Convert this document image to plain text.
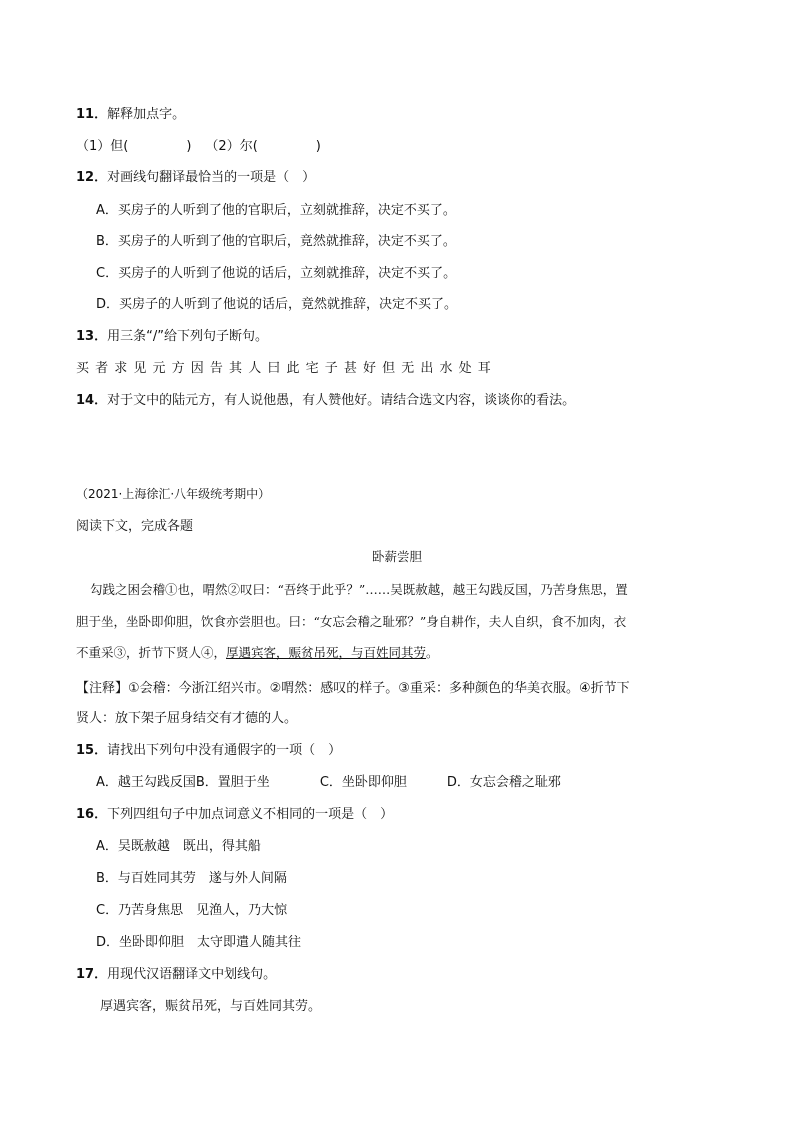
11．解释加点字。
（1）但(	) （2）尔(	)
12．对画线句翻译最恰当的一项是（　）
A．买房子的人听到了他的官职后，立刻就推辞，决定不买了。
B．买房子的人听到了他的官职后，竟然就推辞，决定不买了。
C．买房子的人听到了他说的话后，立刻就推辞，决定不买了。
D．买房子的人听到了他说的话后，竟然就推辞，决定不买了。
13．用三条“/”给下列句子断句。
买 者 求 见 元 方 因 告 其 人 曰 此 宅 子 甚 好 但 无 出 水 处 耳
14．对于文中的陆元方，有人说他愚，有人赞他好。请结合选文内容，谈谈你的看法。
（2021·上海徐汇·八年级统考期中）
阅读下文，完成各题
卧薪尝胆
勾践之困会稽①也，喟然②叹曰：“吾终于此乎？”……吴既赦越，越王勾践反国，乃苦身焦思，置
胆于坐，坐卧即仰胆，饮食亦尝胆也。曰：“女忘会稽之耻邪？”身自耕作，夫人自织，食不加肉，衣
不重采③，折节下贤人④，厚遇宾客，赈贫吊死，与百姓同其劳。
【注释】①会稽：今浙江绍兴市。②喟然：感叹的样子。③重采：多种颜色的华美衣服。④折节下
贤人：放下架子屈身结交有才德的人。
15．请找出下列句中没有通假字的一项（　）
A．越王勾践反国B．置胆于坐	C．坐卧即仰胆	D．女忘会稽之耻邪
16．下列四组句子中加点词意义不相同的一项是（　）
A．吴既赦越　既出，得其船
B．与百姓同其劳　遂与外人间隔
C．乃苦身焦思　见渔人，乃大惊
D．坐卧即仰胆　太守即遣人随其往
17．用现代汉语翻译文中划线句。
厚遇宾客，赈贫吊死，与百姓同其劳。
